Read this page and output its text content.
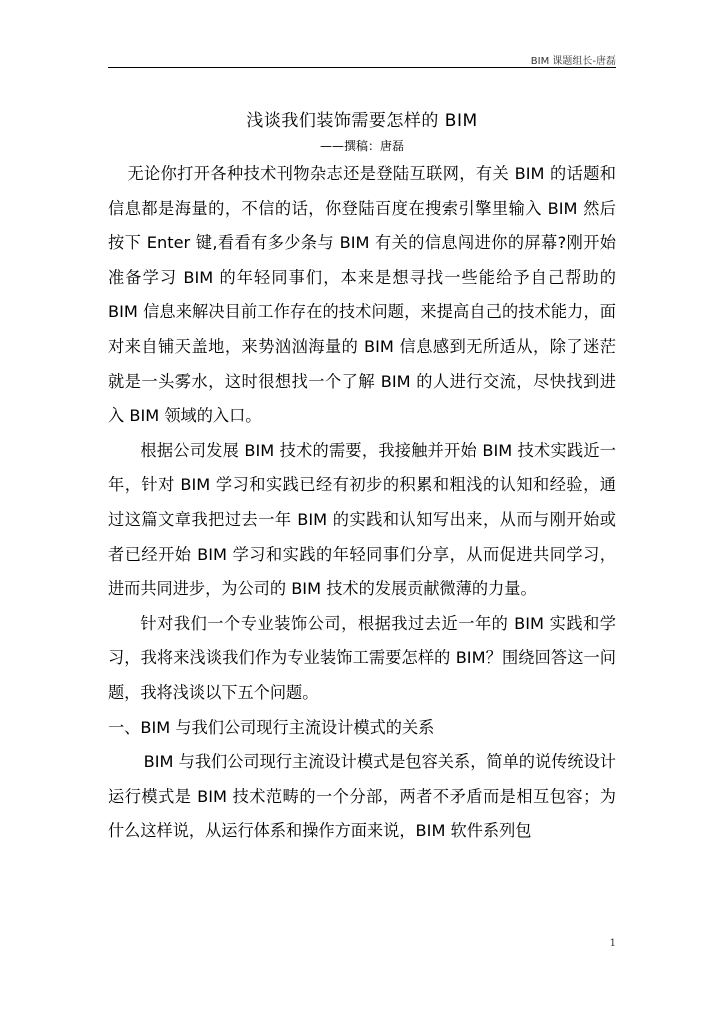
BIM 课题组长-唐磊
浅谈我们装饰需要怎样的 BIM
——撰稿：唐磊

无论你打开各种技术刊物杂志还是登陆互联网，有关 BIM 的话题和信息都是海量的，不信的话，你登陆百度在搜索引擎里输入 BIM 然后按下 Enter 键,看看有多少条与 BIM 有关的信息闯进你的屏幕?刚开始准备学习 BIM 的年轻同事们，本来是想寻找一些能给予自己帮助的 BIM 信息来解决目前工作存在的技术问题，来提高自己的技术能力，面对来自铺天盖地，来势汹汹海量的 BIM 信息感到无所适从，除了迷茫就是一头雾水，这时很想找一个了解 BIM 的人进行交流，尽快找到进入 BIM 领域的入口。

根据公司发展 BIM 技术的需要，我接触并开始 BIM 技术实践近一年，针对 BIM 学习和实践已经有初步的积累和粗浅的认知和经验，通过这篇文章我把过去一年 BIM 的实践和认知写出来，从而与刚开始或者已经开始 BIM 学习和实践的年轻同事们分享，从而促进共同学习，进而共同进步，为公司的 BIM 技术的发展贡献微薄的力量。

针对我们一个专业装饰公司，根据我过去近一年的 BIM 实践和学习，我将来浅谈我们作为专业装饰工需要怎样的 BIM？围绕回答这一问题，我将浅谈以下五个问题。

一、BIM 与我们公司现行主流设计模式的关系

BIM 与我们公司现行主流设计模式是包容关系，简单的说传统设计运行模式是 BIM 技术范畴的一个分部，两者不矛盾而是相互包容；为什么这样说，从运行体系和操作方面来说，BIM 软件系列包

1
